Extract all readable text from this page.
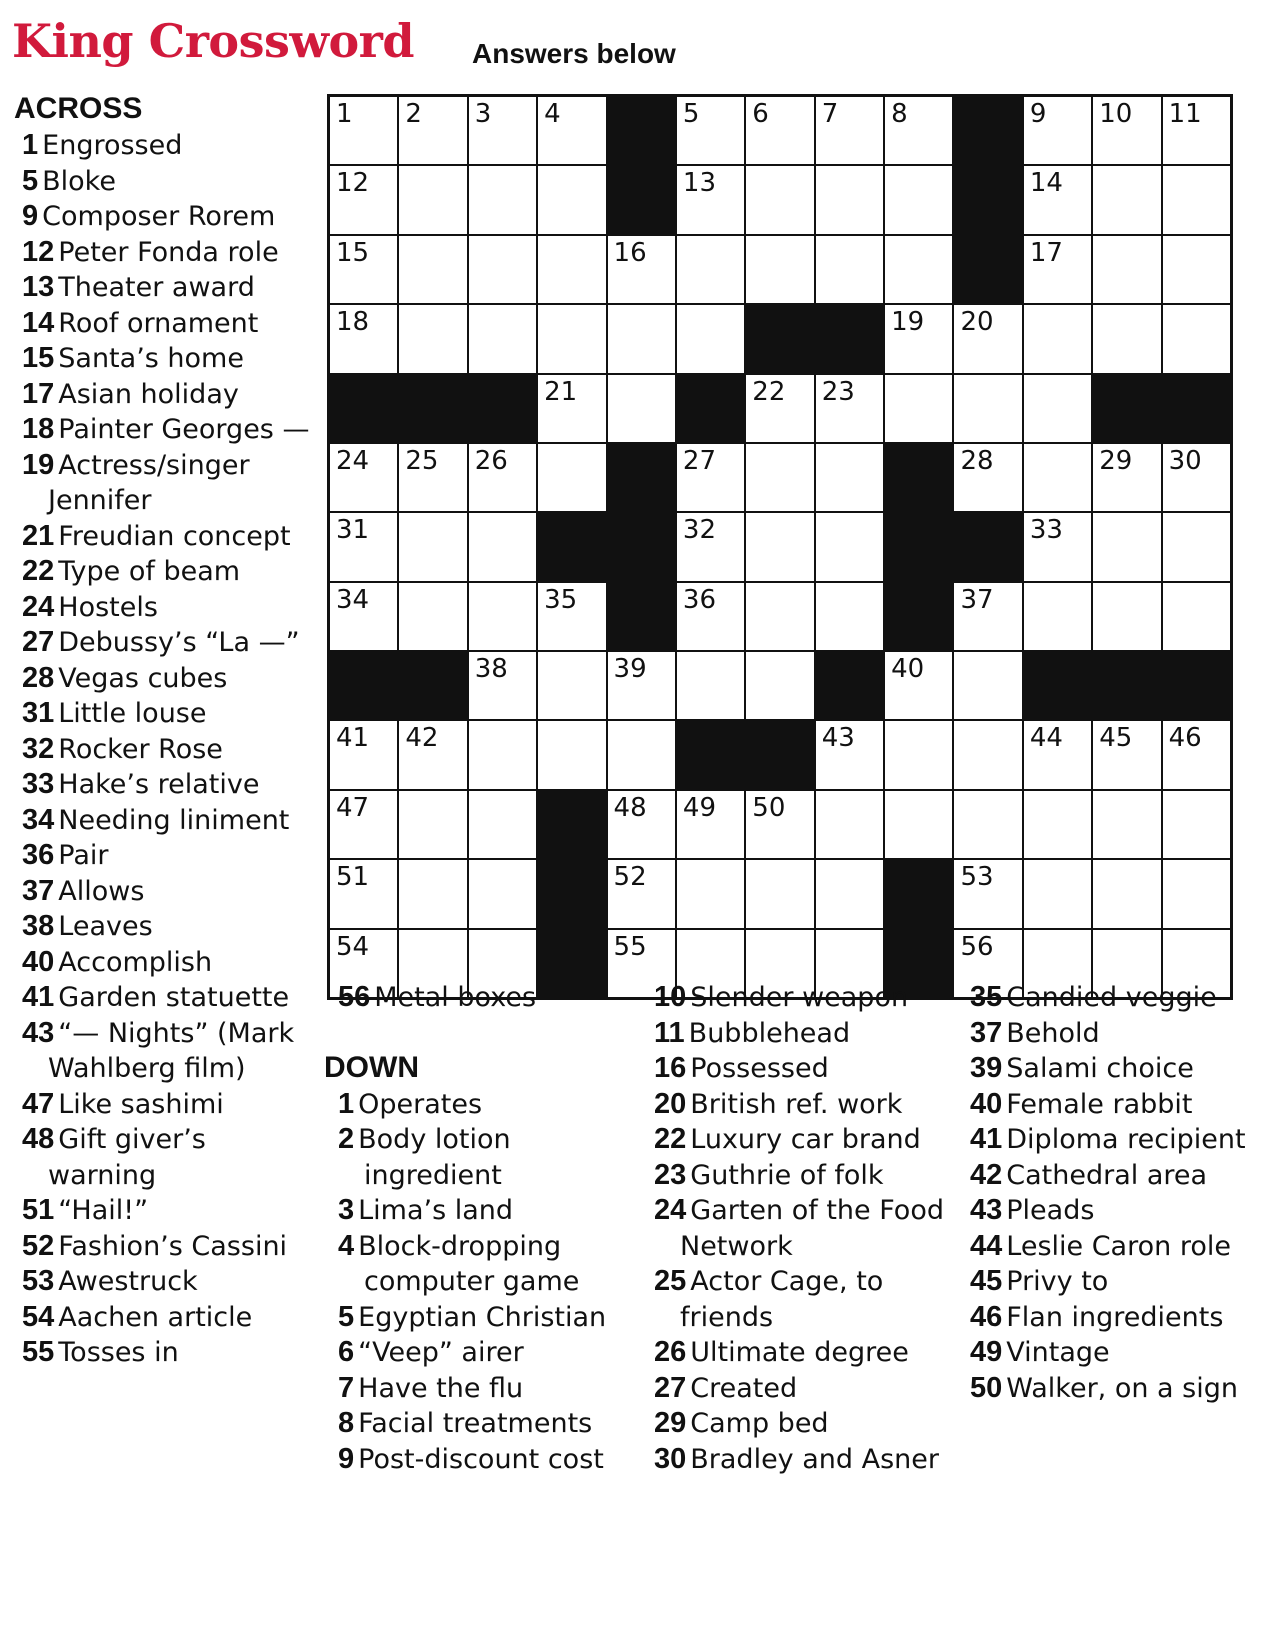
King Crossword Answers below
1 2 3 4	5 6 7 8	9 10 11
12	13	14
15	16	17
18	19 20
21	22 23
24 25 26	27	28	29 30
31	32	33
34	35	36	37
38	39	40
41 42	43	44 45 46
47	48 49 50
51	52	53
54	55	56
ACROSS
1 Engrossed
5 Bloke
9 Composer Rorem
12 Peter Fonda role
13 Theater award
14 Roof ornament
15 Santa’s home
17 Asian holiday
18 Painter Georges —
19 Actress/singer Jennifer
21 Freudian concept
22 Type of beam
24 Hostels
27 Debussy’s “La —”
28 Vegas cubes
31 Little louse
32 Rocker Rose
33 Hake’s relative
34 Needing liniment
36 Pair
37 Allows
38 Leaves
40 Accomplish
41 Garden statuette
43 “— Nights” (Mark Wahlberg film)
47 Like sashimi
48 Gift giver’s warning
51 “Hail!”
52 Fashion’s Cassini
53 Awestruck
54 Aachen article
55 Tosses in
56 Metal boxes
DOWN
1 Operates
2 Body lotion ingredient
3 Lima’s land
4 Block-dropping computer game
5 Egyptian Christian
6 “Veep” airer
7 Have the flu
8 Facial treatments
9 Post-discount cost
10 Slender weapon
11 Bubblehead
16 Possessed
20 British ref. work
22 Luxury car brand
23 Guthrie of folk
24 Garten of the Food Network
25 Actor Cage, to friends
26 Ultimate degree
27 Created
29 Camp bed
30 Bradley and Asner
35 Candied veggie
37 Behold
39 Salami choice
40 Female rabbit
41 Diploma recipient
42 Cathedral area
43 Pleads
44 Leslie Caron role
45 Privy to
46 Flan ingredients
49 Vintage
50 Walker, on a sign
